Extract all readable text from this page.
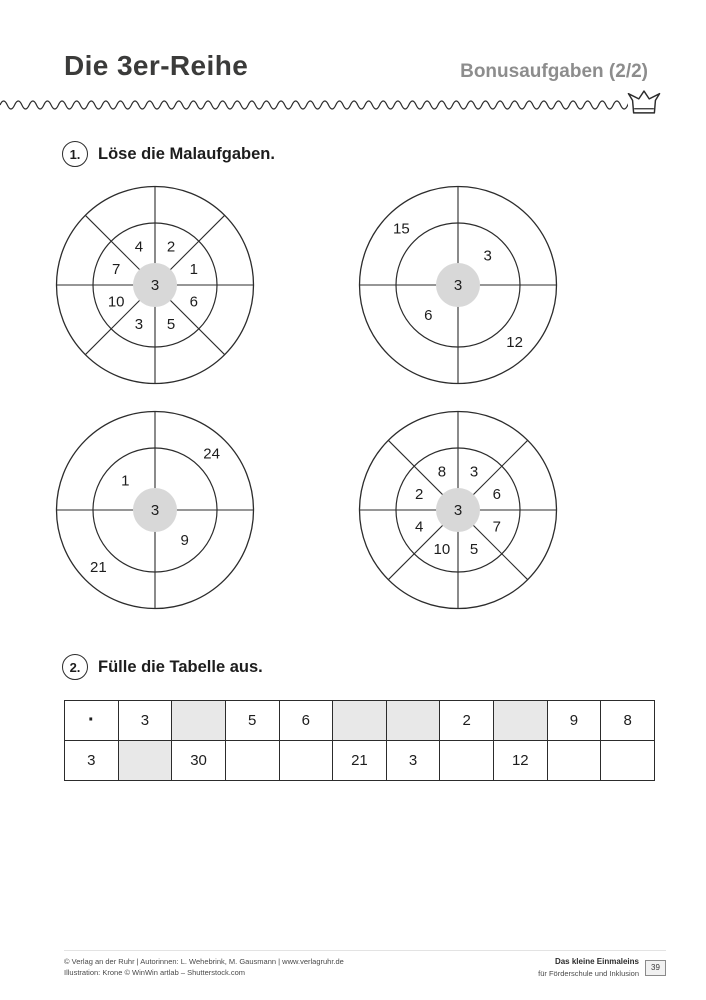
Die 3er-Reihe	Bonusaufgaben (2/2)
1.	Löse die Malaufgaben.
3
1
2
4
7
10
3 5
6
3
15
3
6
12
3
1
24
21
9
3
6
3
8
2
4
10 5
7
2.	Fülle die Tabelle aus.
·	3		5	6			2		9	8
3		30			21	3		12		
© Verlag an der Ruhr | Autorinnen: L. Wehebrink, M. Gausmann | www.verlagruhr.de
Illustration: Krone © WinWin artlab – Shutterstock.com
Das kleine Einmaleins
für Förderschule und Inklusion
39
